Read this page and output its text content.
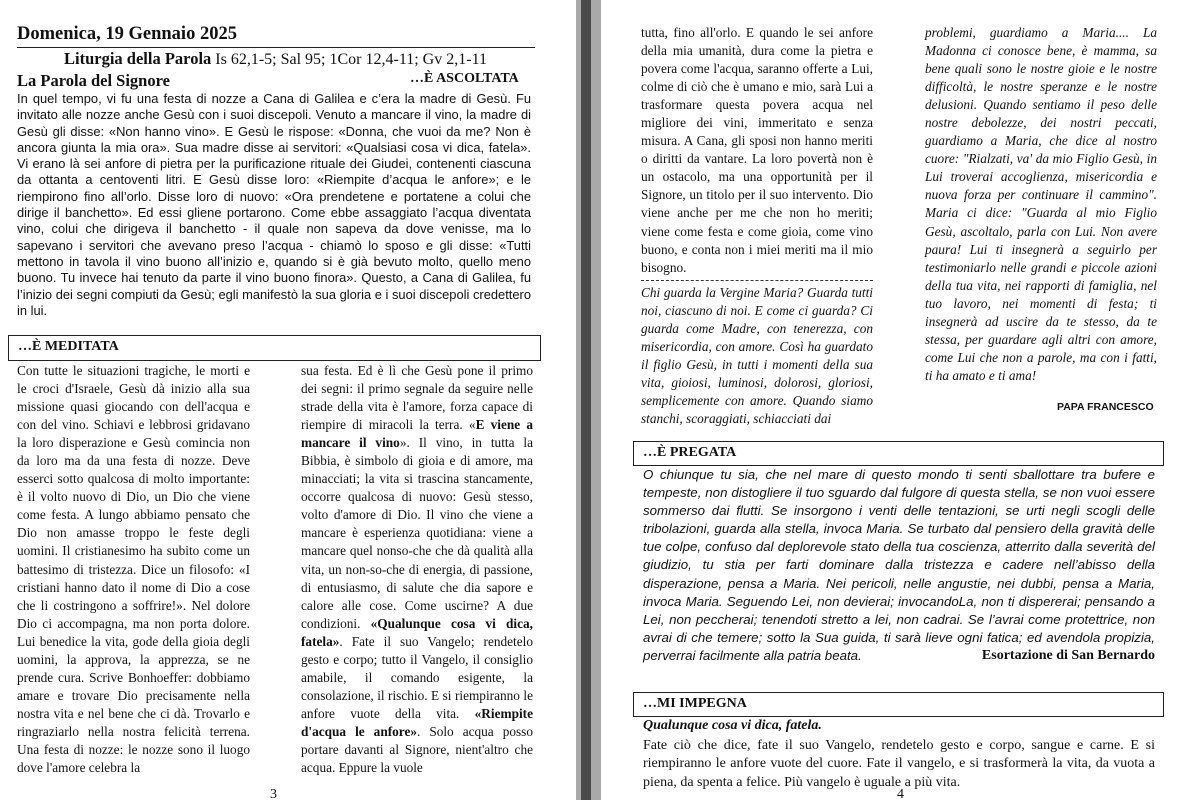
Domenica, 19 Gennaio 2025
Liturgia della Parola Is 62,1-5; Sal 95; 1Cor 12,4-11; Gv 2,1-11
La Parola del Signore	…È ASCOLTATA
In quel tempo, vi fu una festa di nozze a Cana di Galilea e c’era la madre di Gesù. Fu invitato alle nozze anche Gesù con i suoi discepoli. Venuto a mancare il vino, la madre di Gesù gli disse: «Non hanno vino». E Gesù le rispose: «Donna, che vuoi da me? Non è ancora giunta la mia ora». Sua madre disse ai servitori: «Qualsiasi cosa vi dica, fatela». Vi erano là sei anfore di pietra per la purificazione rituale dei Giudei, contenenti ciascuna da ottanta a centoventi litri. E Gesù disse loro: «Riempite d’acqua le anfore»; e le riempirono fino all’orlo. Disse loro di nuovo: «Ora prendetene e portatene a colui che dirige il banchetto». Ed essi gliene portarono. Come ebbe assaggiato l’acqua diventata vino, colui che dirigeva il banchetto - il quale non sapeva da dove venisse, ma lo sapevano i servitori che avevano preso l’acqua - chiamò lo sposo e gli disse: «Tutti mettono in tavola il vino buono all’inizio e, quando si è già bevuto molto, quello meno buono. Tu invece hai tenuto da parte il vino buono finora». Questo, a Cana di Galilea, fu l’inizio dei segni compiuti da Gesù; egli manifestò la sua gloria e i suoi discepoli credettero in lui.
…È MEDITATA
Con tutte le situazioni tragiche, le morti e le croci d'Israele, Gesù dà inizio alla sua missione quasi giocando con dell'acqua e con del vino. Schiavi e lebbrosi gridavano la loro disperazione e Gesù comincia non da loro ma da una festa di nozze. Deve esserci sotto qualcosa di molto importante: è il volto nuovo di Dio, un Dio che viene come festa. A lungo abbiamo pensato che Dio non amasse troppo le feste degli uomini. Il cristianesimo ha subito come un battesimo di tristezza. Dice un filosofo: «I cristiani hanno dato il nome di Dio a cose che li costringono a soffrire!». Nel dolore Dio ci accompagna, ma non porta dolore. Lui benedice la vita, gode della gioia degli uomini, la approva, la apprezza, se ne prende cura. Scrive Bonhoeffer: dobbiamo amare e trovare Dio precisamente nella nostra vita e nel bene che ci dà. Trovarlo e ringraziarlo nella nostra felicità terrena. Una festa di nozze: le nozze sono il luogo dove l'amore celebra la
sua festa. Ed è lì che Gesù pone il primo dei segni: il primo segnale da seguire nelle strade della vita è l'amore, forza capace di riempire di miracoli la terra. «E viene a mancare il vino». Il vino, in tutta la Bibbia, è simbolo di gioia e di amore, ma minacciati; la vita si trascina stancamente, occorre qualcosa di nuovo: Gesù stesso, volto d'amore di Dio. Il vino che viene a mancare è esperienza quotidiana: viene a mancare quel nonso-che che dà qualità alla vita, un non-so-che di energia, di passione, di entusiasmo, di salute che dia sapore e calore alle cose. Come uscirne? A due condizioni. «Qualunque cosa vi dica, fatela». Fate il suo Vangelo; rendetelo gesto e corpo; tutto il Vangelo, il consiglio amabile, il comando esigente, la consolazione, il rischio. E si riempiranno le anfore vuote della vita. «Riempite d'acqua le anfore». Solo acqua posso portare davanti al Signore, nient'altro che acqua. Eppure la vuole
3
tutta, fino all'orlo. E quando le sei anfore della mia umanità, dura come la pietra e povera come l'acqua, saranno offerte a Lui, colme di ciò che è umano e mio, sarà Lui a trasformare questa povera acqua nel migliore dei vini, immeritato e senza misura. A Cana, gli sposi non hanno meriti o diritti da vantare. La loro povertà non è un ostacolo, ma una opportunità per il Signore, un titolo per il suo intervento. Dio viene anche per me che non ho meriti; viene come festa e come gioia, come vino buono, e conta non i miei meriti ma il mio bisogno.
Chi guarda la Vergine Maria? Guarda tutti noi, ciascuno di noi. E come ci guarda? Ci guarda come Madre, con tenerezza, con misericordia, con amore. Così ha guardato il figlio Gesù, in tutti i momenti della sua vita, gioiosi, luminosi, dolorosi, gloriosi, semplicemente con amore. Quando siamo stanchi, scoraggiati, schiacciati dai
problemi, guardiamo a Maria.... La Madonna ci conosce bene, è mamma, sa bene quali sono le nostre gioie e le nostre difficoltà, le nostre speranze e le nostre delusioni. Quando sentiamo il peso delle nostre debolezze, dei nostri peccati, guardiamo a Maria, che dice al nostro cuore: "Rialzati, va' da mio Figlio Gesù, in Lui troverai accoglienza, misericordia e nuova forza per continuare il cammino". Maria ci dice: "Guarda al mio Figlio Gesù, ascoltalo, parla con Lui. Non avere paura! Lui ti insegnerà a seguirlo per testimoniarlo nelle grandi e piccole azioni della tua vita, nei rapporti di famiglia, nel tuo lavoro, nei momenti di festa; ti insegnerà ad uscire da te stesso, da te stessa, per guardare agli altri con amore, come Lui che non a parole, ma con i fatti, ti ha amato e ti ama!
PAPA FRANCESCO
…È PREGATA
O chiunque tu sia, che nel mare di questo mondo ti senti sballottare tra bufere e tempeste, non distogliere il tuo sguardo dal fulgore di questa stella, se non vuoi essere sommerso dai flutti. Se insorgono i venti delle tentazioni, se urti negli scogli delle tribolazioni, guarda alla stella, invoca Maria. Se turbato dal pensiero della gravità delle tue colpe, confuso dal deplorevole stato della tua coscienza, atterrito dalla severità del giudizio, tu stia per farti dominare dalla tristezza e cadere nell’abisso della disperazione, pensa a Maria. Nei pericoli, nelle angustie, nei dubbi, pensa a Maria, invoca Maria. Seguendo Lei, non devierai; invocandoLa, non ti dispererai; pensando a Lei, non peccherai; tenendoti stretto a lei, non cadrai. Se l’avrai come protettrice, non avrai di che temere; sotto la Sua guida, ti sarà lieve ogni fatica; ed avendola propizia, perverrai facilmente alla patria beata.	Esortazione di San Bernardo
…MI IMPEGNA
Qualunque cosa vi dica, fatela.
Fate ciò che dice, fate il suo Vangelo, rendetelo gesto e corpo, sangue e carne. E si riempiranno le anfore vuote del cuore. Fate il vangelo, e si trasformerà la vita, da vuota a piena, da spenta a felice. Più vangelo è uguale a più vita.
4
